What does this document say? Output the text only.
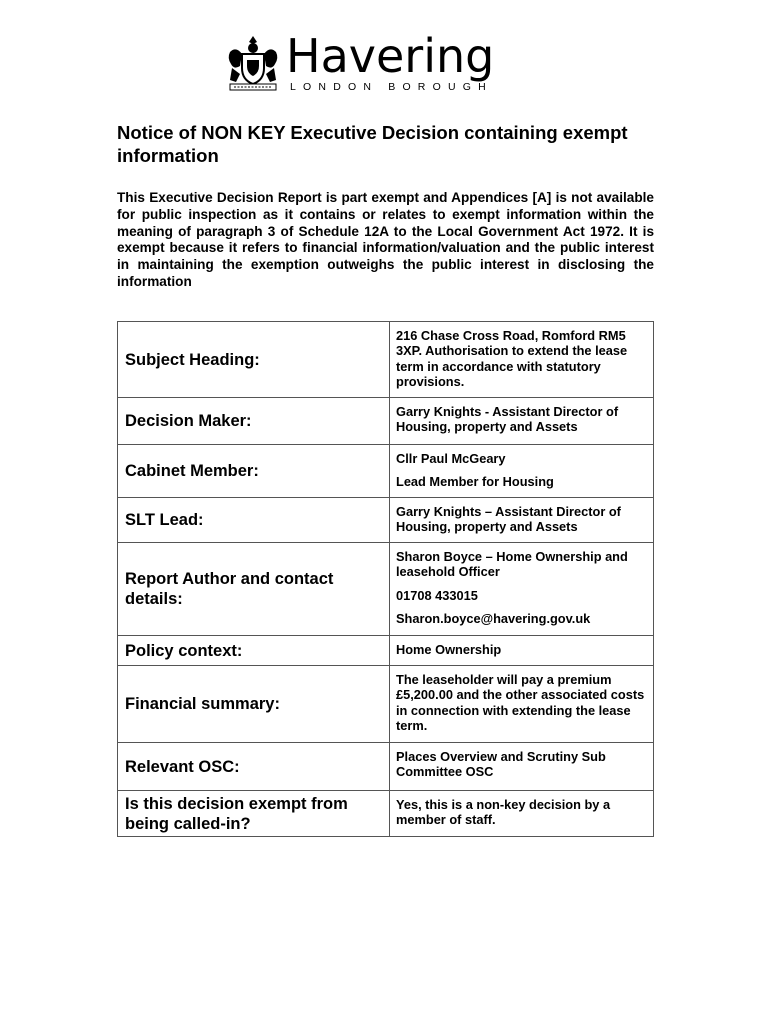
Havering
LONDON BOROUGH
Notice of NON KEY Executive Decision containing exempt information

This Executive Decision Report is part exempt and Appendices [A] is not available for public inspection as it contains or relates to exempt information within the meaning of paragraph 3 of Schedule 12A to the Local Government Act 1972. It is exempt because it refers to financial information/valuation and the public interest in maintaining the exemption outweighs the public interest in disclosing the information

Subject Heading:	216 Chase Cross Road, Romford RM5 3XP. Authorisation to extend the lease term in accordance with statutory provisions.

Decision Maker:	Garry Knights - Assistant Director of Housing, property and Assets

Cabinet Member:	Cllr Paul McGeary

Lead Member for Housing

SLT Lead:	Garry Knights – Assistant Director of Housing, property and Assets

Report Author and contact details:	Sharon Boyce – Home Ownership and leasehold Officer

01708 433015

Sharon.boyce@havering.gov.uk

Policy context:	Home Ownership

Financial summary:	The leaseholder will pay a premium £5,200.00 and the other associated costs in connection with extending the lease term.

Relevant OSC:	Places Overview and Scrutiny Sub Committee OSC

Is this decision exempt from being called-in?	Yes, this is a non-key decision by a member of staff.
